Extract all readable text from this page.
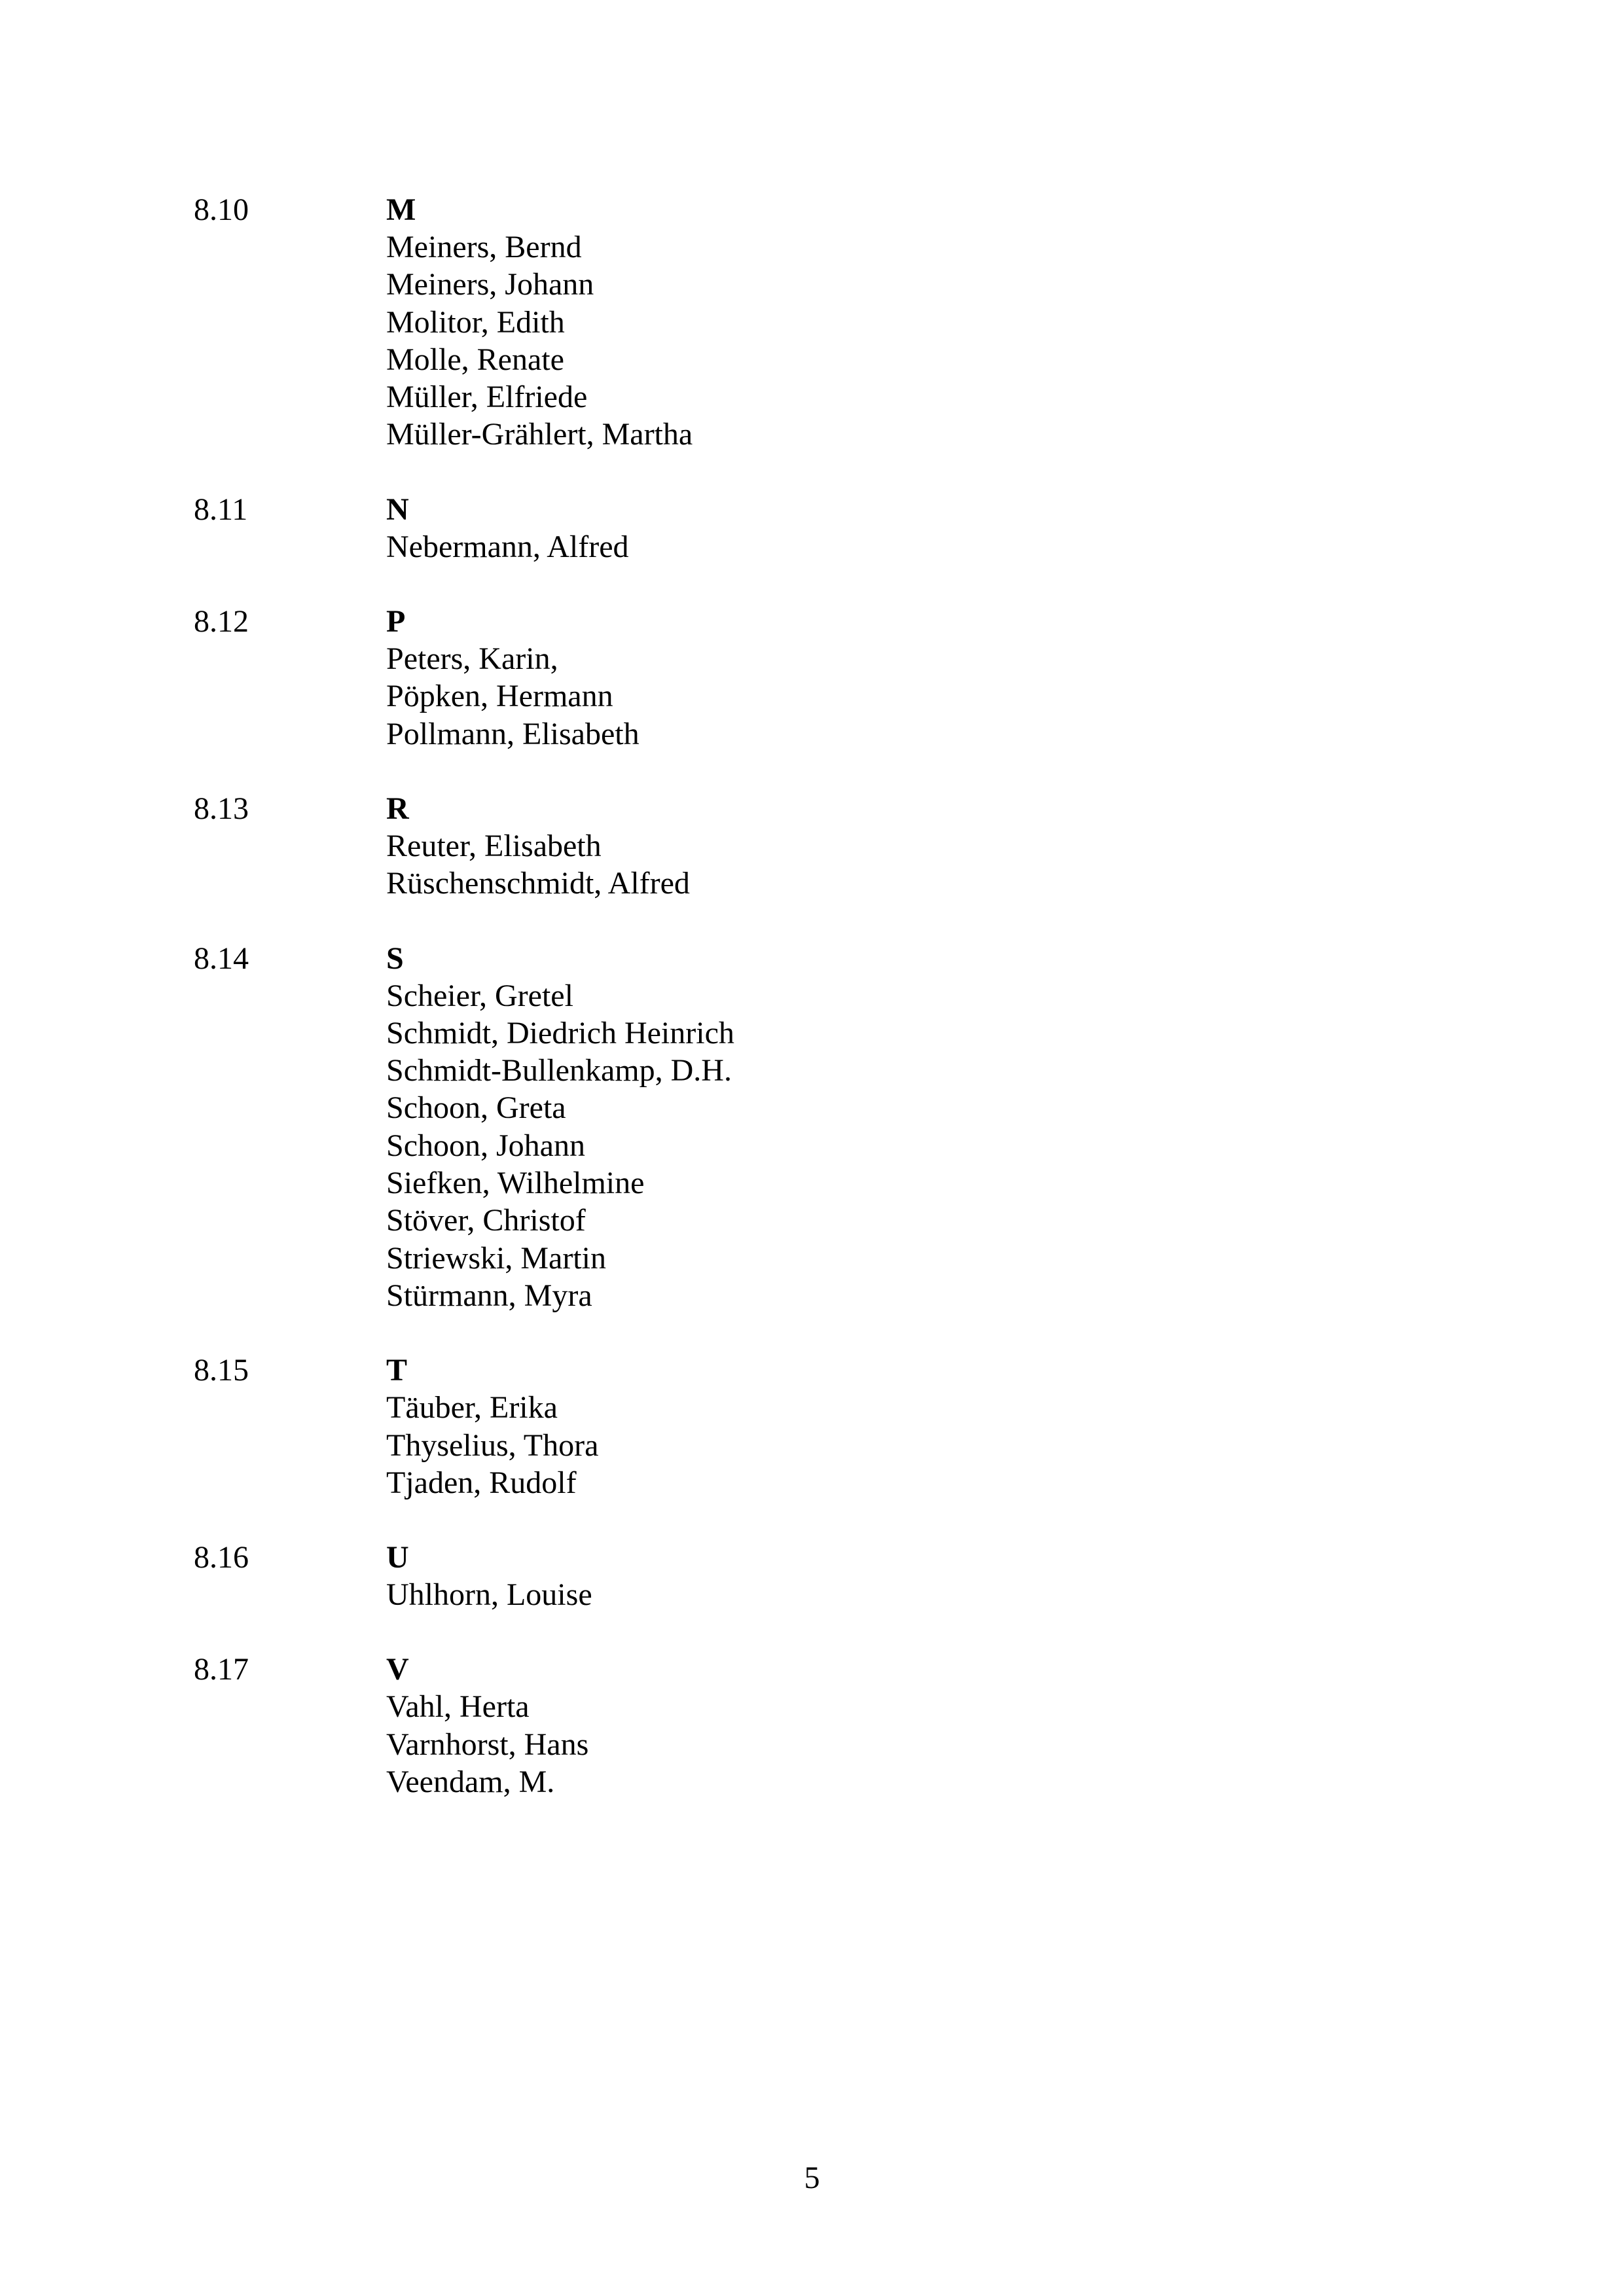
8.10	M
Meiners, Bernd
Meiners, Johann
Molitor, Edith
Molle, Renate
Müller, Elfriede
Müller-Grählert, Martha
8.11	N
Nebermann, Alfred
8.12	P
Peters, Karin,
Pöpken, Hermann
Pollmann, Elisabeth
8.13	R
Reuter, Elisabeth
Rüschenschmidt, Alfred
8.14	S
Scheier, Gretel
Schmidt, Diedrich Heinrich
Schmidt-Bullenkamp, D.H.
Schoon, Greta
Schoon, Johann
Siefken, Wilhelmine
Stöver, Christof
Striewski, Martin
Stürmann, Myra
8.15	T
Täuber, Erika
Thyselius, Thora
Tjaden, Rudolf
8.16	U
Uhlhorn, Louise
8.17	V
Vahl, Herta
Varnhorst, Hans
Veendam, M.
5
